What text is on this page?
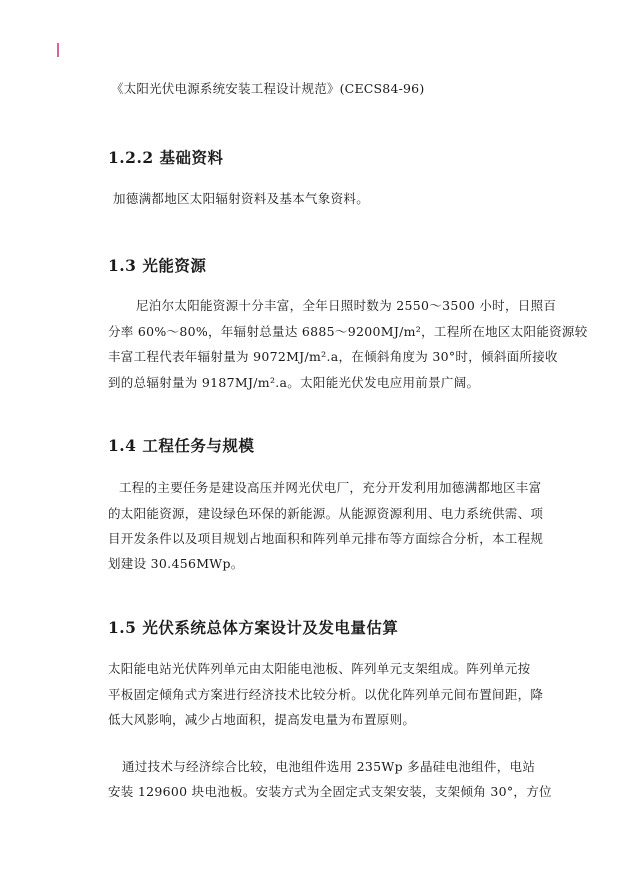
《太阳光伏电源系统安装工程设计规范》(CECS84-96)
1.2.2 基础资料
加德满都地区太阳辐射资料及基本气象资料。
1.3 光能资源
尼泊尔太阳能资源十分丰富，全年日照时数为 2550～3500 小时，日照百
分率 60%～80%，年辐射总量达 6885～9200MJ/m²，工程所在地区太阳能资源较
丰富工程代表年辐射量为 9072MJ/m².a，在倾斜角度为 30°时，倾斜面所接收
到的总辐射量为 9187MJ/m².a。太阳能光伏发电应用前景广阔。
1.4 工程任务与规模
工程的主要任务是建设高压并网光伏电厂，充分开发利用加德满都地区丰富
的太阳能资源，建设绿色环保的新能源。从能源资源利用、电力系统供需、项
目开发条件以及项目规划占地面积和阵列单元排布等方面综合分析，本工程规
划建设 30.456MWp。
1.5 光伏系统总体方案设计及发电量估算
太阳能电站光伏阵列单元由太阳能电池板、阵列单元支架组成。阵列单元按
平板固定倾角式方案进行经济技术比较分析。以优化阵列单元间布置间距，降
低大风影响，减少占地面积，提高发电量为布置原则。
通过技术与经济综合比较，电池组件选用 235Wp 多晶硅电池组件，电站
安装 129600 块电池板。安装方式为全固定式支架安装，支架倾角 30°，方位
